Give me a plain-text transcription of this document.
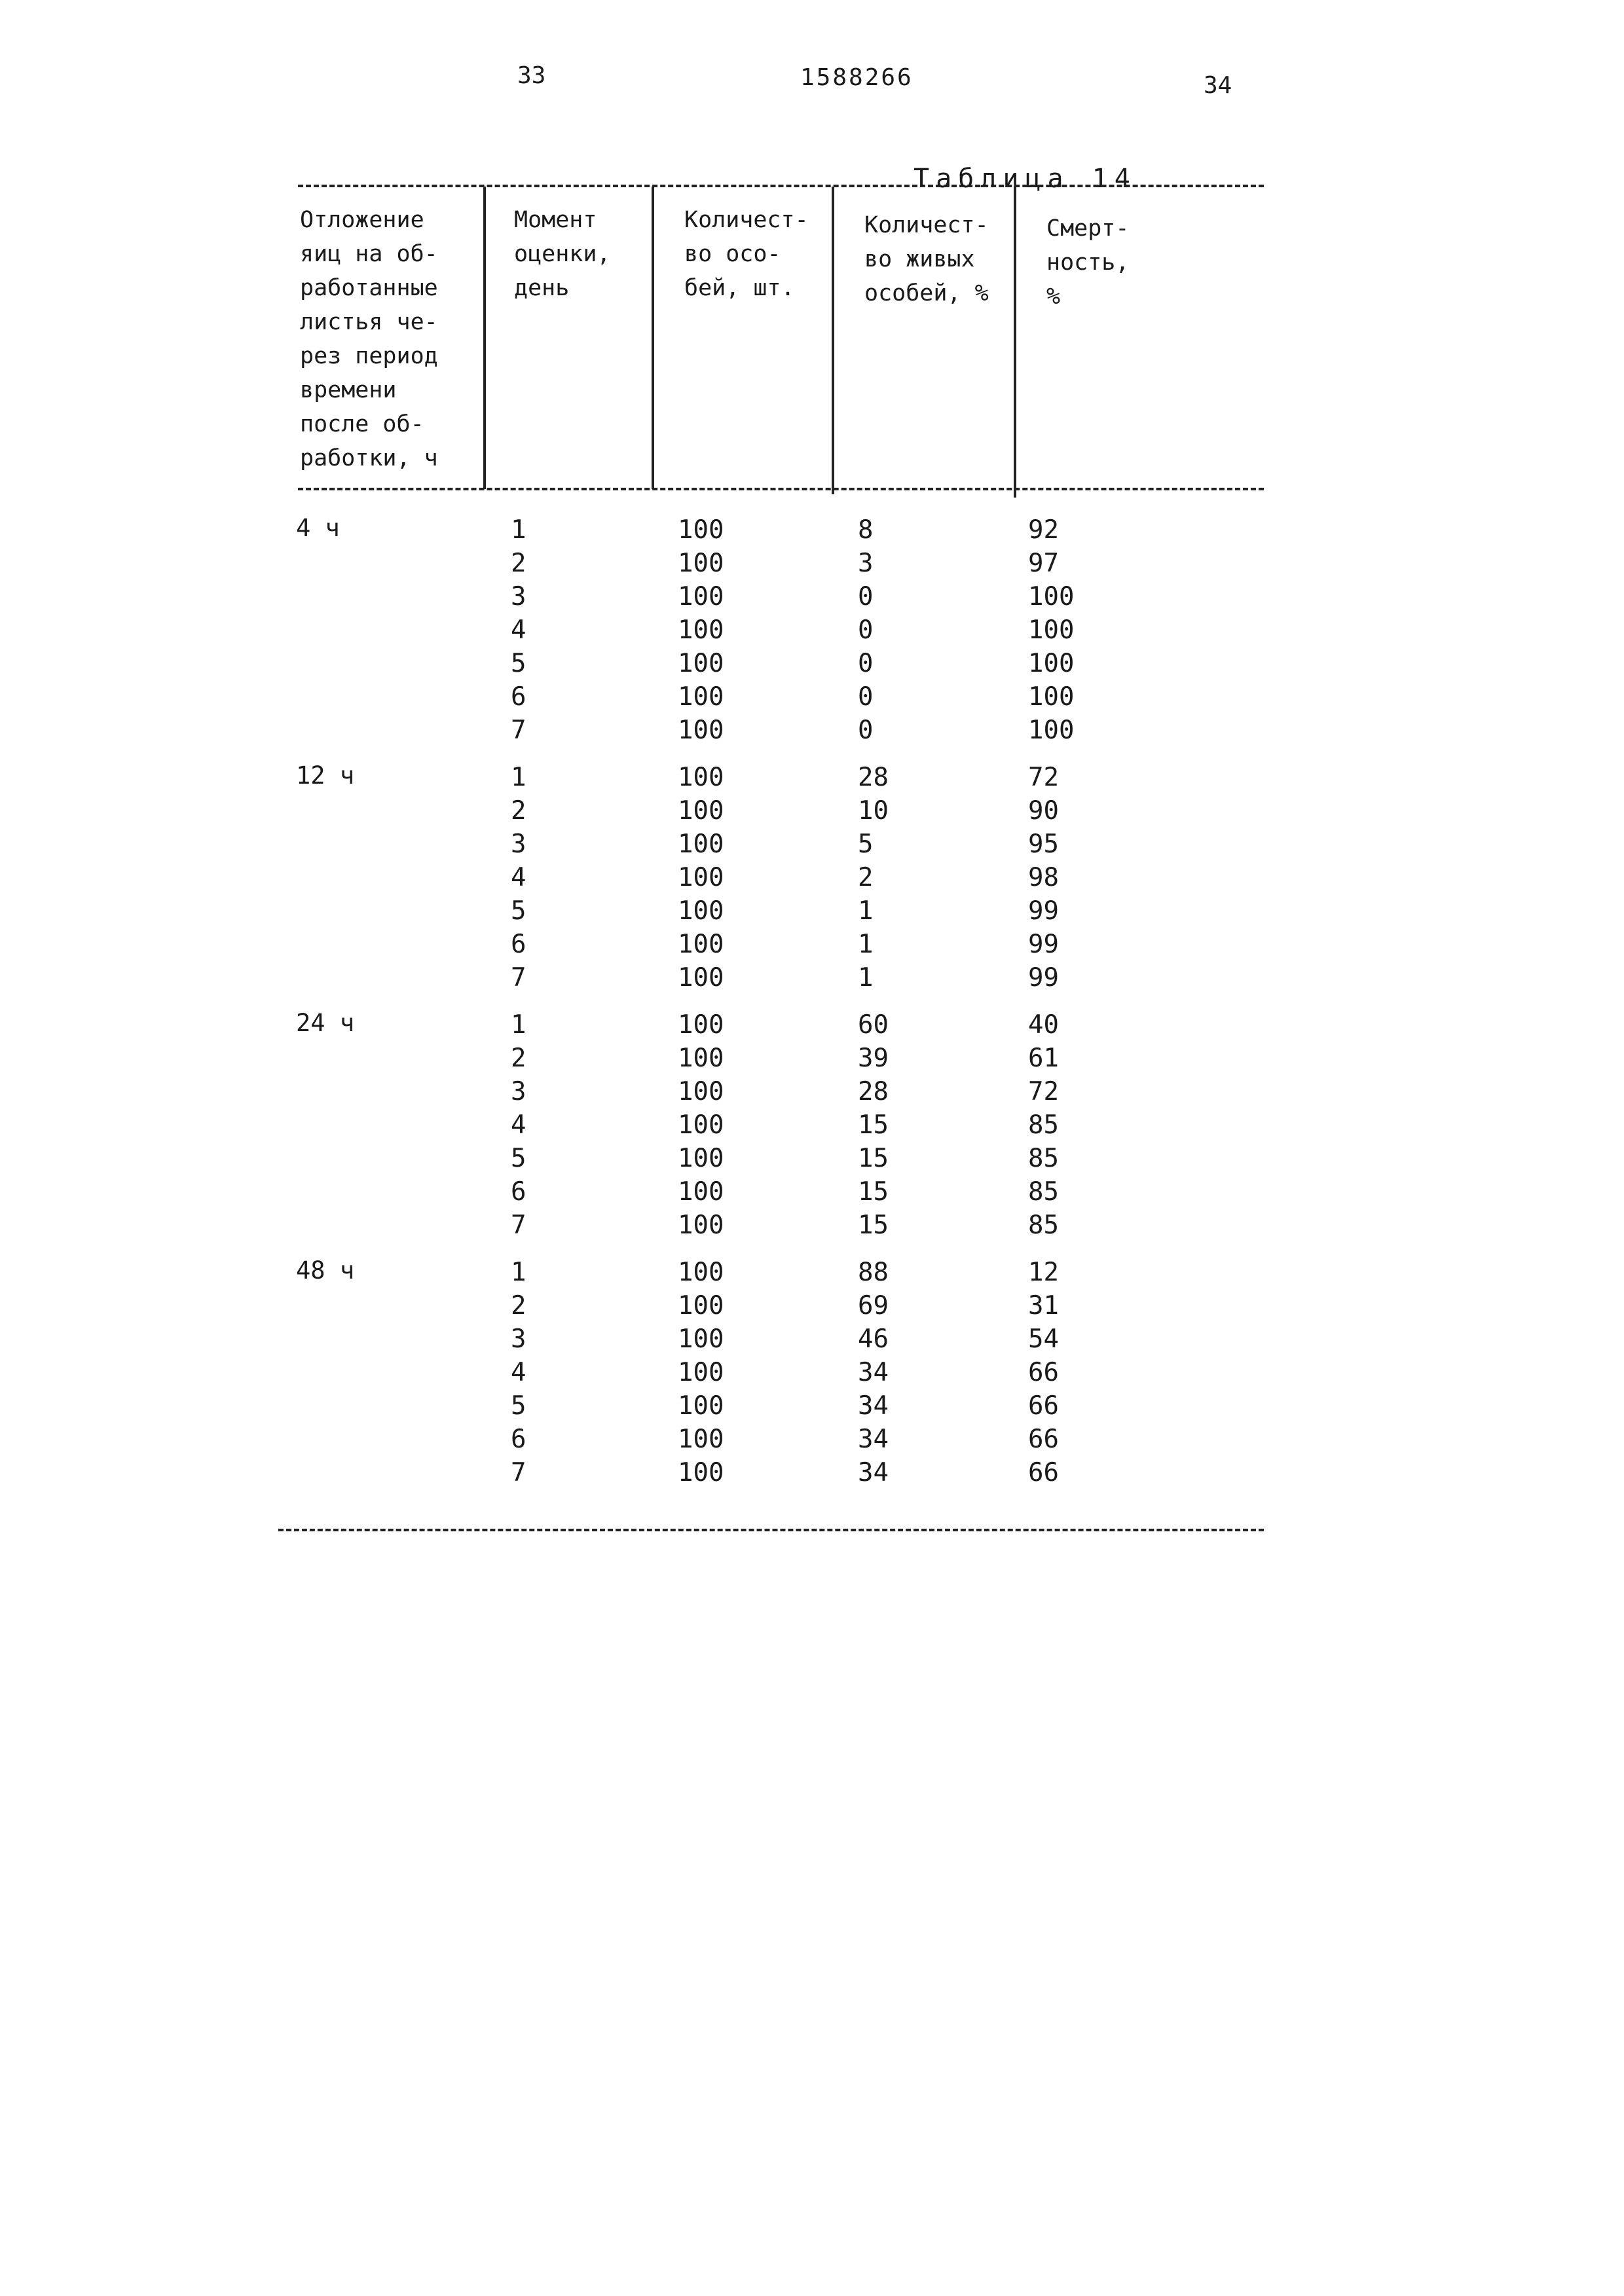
33	1588266	34
Таблица 14
Отложение
яиц на об-
работанные
листья че-
рез период
времени
после об-
работки, ч
Момент
оценки,
день
Количест-
во осо-
бей, шт.
Количест-
во живых
особей, %
Смерт-
ность,
%
4 ч	1	100	8	92
2	100	3	97
3	100	0	100
4	100	0	100
5	100	0	100
6	100	0	100
7	100	0	100
12 ч	1	100	28	72
2	100	10	90
3	100	5	95
4	100	2	98
5	100	1	99
6	100	1	99
7	100	1	99
24 ч	1	100	60	40
2	100	39	61
3	100	28	72
4	100	15	85
5	100	15	85
6	100	15	85
7	100	15	85
48 ч	1	100	88	12
2	100	69	31
3	100	46	54
4	100	34	66
5	100	34	66
6	100	34	66
7	100	34	66
